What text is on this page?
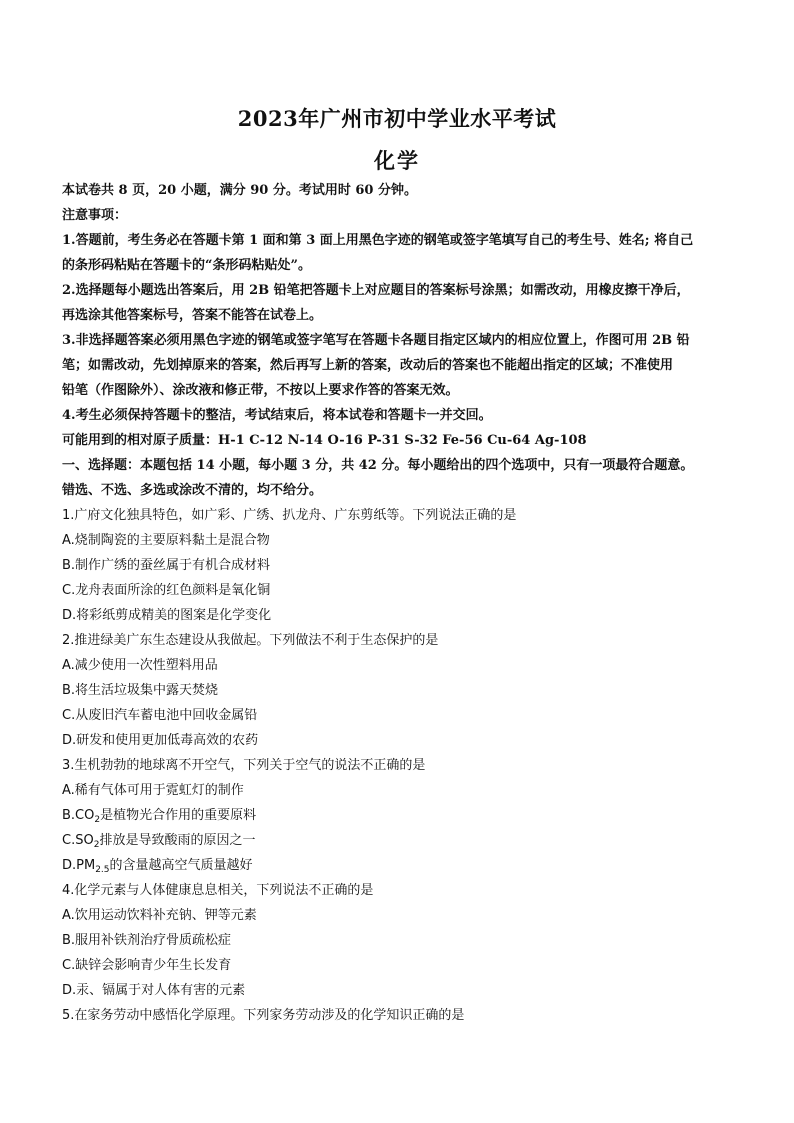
2023年广州市初中学业水平考试
化学
本试卷共 8 页，20 小题，满分 90 分。考试用时 60 分钟。
注意事项：
1.答题前，考生务必在答题卡第 1 面和第 3 面上用黑色字迹的钢笔或签字笔填写自己的考生号、姓名; 将自己
的条形码粘贴在答题卡的“条形码粘贴处”。
2.选择题每小题选出答案后，用 2B 铅笔把答题卡上对应题目的答案标号涂黑；如需改动，用橡皮擦干净后，
再选涂其他答案标号，答案不能答在试卷上。
3.非选择题答案必须用黑色字迹的钢笔或签字笔写在答题卡各题目指定区域内的相应位置上，作图可用 2B 铅
笔；如需改动，先划掉原来的答案，然后再写上新的答案，改动后的答案也不能超出指定的区域；不准使用
铅笔（作图除外）、涂改液和修正带，不按以上要求作答的答案无效。
4.考生必须保持答题卡的整洁，考试结束后，将本试卷和答题卡一并交回。
可能用到的相对原子质量：H-1 C-12 N-14 O-16 P-31 S-32 Fe-56 Cu-64 Ag-108
一、选择题：本题包括 14 小题，每小题 3 分，共 42 分。每小题给出的四个选项中，只有一项最符合题意。
错选、不选、多选或涂改不清的，均不给分。
1.广府文化独具特色，如广彩、广绣、扒龙舟、广东剪纸等。下列说法正确的是
A.烧制陶瓷的主要原料黏土是混合物
B.制作广绣的蚕丝属于有机合成材料
C.龙舟表面所涂的红色颜料是氧化铜
D.将彩纸剪成精美的图案是化学变化
2.推进绿美广东生态建设从我做起。下列做法不利于生态保护的是
A.减少使用一次性塑料用品
B.将生活垃圾集中露天焚烧
C.从废旧汽车蓄电池中回收金属铅
D.研发和使用更加低毒高效的农药
3.生机勃勃的地球离不开空气，下列关于空气的说法不正确的是
A.稀有气体可用于霓虹灯的制作
$B.CO_2$是植物光合作用的重要原料
$C.SO_2$排放是导致酸雨的原因之一
$D.PM_{2.5}$的含量越高空气质量越好
4.化学元素与人体健康息息相关，下列说法不正确的是
A.饮用运动饮料补充钠、钾等元素
B.服用补铁剂治疗骨质疏松症
C.缺锌会影响青少年生长发育
D.汞、镉属于对人体有害的元素
5.在家务劳动中感悟化学原理。下列家务劳动涉及的化学知识正确的是
